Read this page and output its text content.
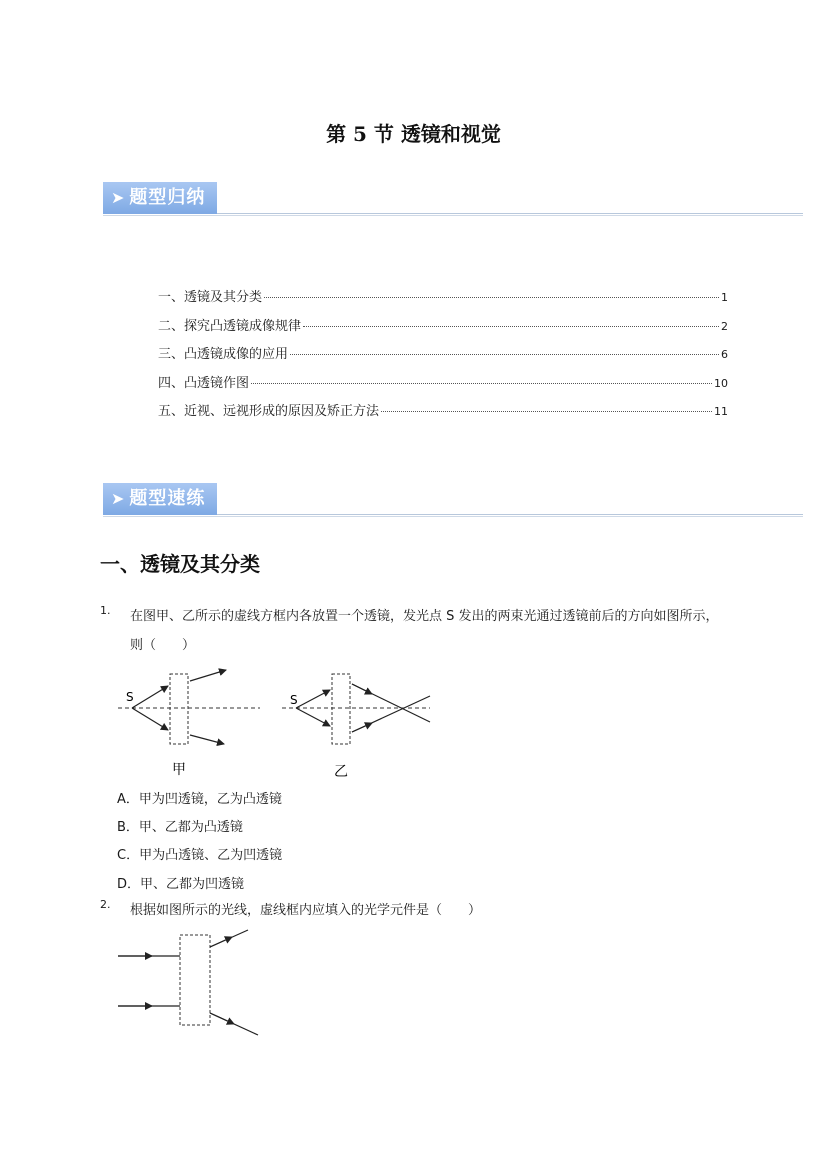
第 5 节 透镜和视觉
➤ 题型归纳
一、透镜及其分类	1
二、探究凸透镜成像规律	2
三、凸透镜成像的应用	6
四、凸透镜作图	10
五、近视、远视形成的原因及矫正方法	11
➤ 题型速练
一、透镜及其分类
1.	在图甲、乙所示的虚线方框内各放置一个透镜，发光点 S 发出的两束光通过透镜前后的方向如图所示，则（　　）
S
甲
S
乙
A．甲为凹透镜，乙为凸透镜
B．甲、乙都为凸透镜
C．甲为凸透镜、乙为凹透镜
D．甲、乙都为凹透镜
2.	根据如图所示的光线，虚线框内应填入的光学元件是（　　）
